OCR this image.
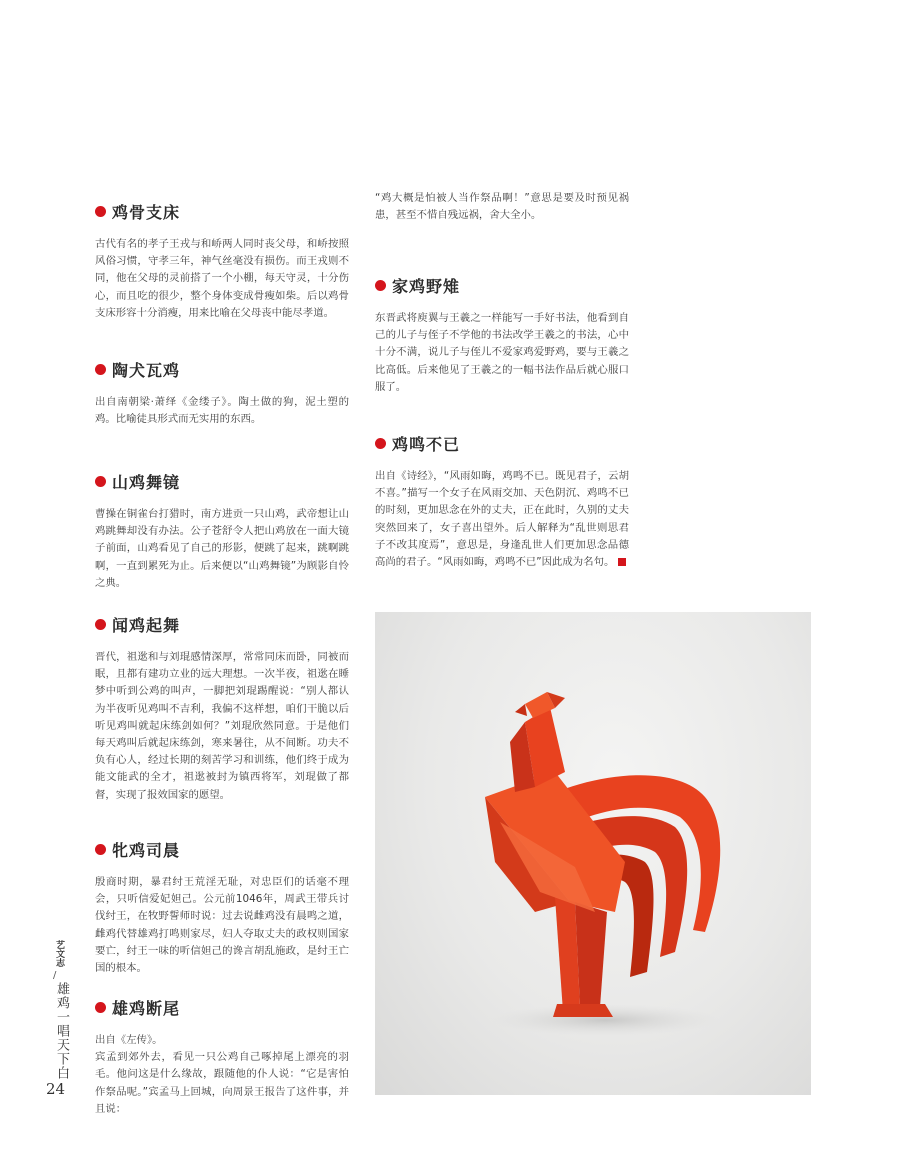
鸡骨支床
古代有名的孝子王戎与和峤两人同时丧父母，和峤按照风俗习惯，守孝三年，神气丝毫没有损伤。而王戎则不同，他在父母的灵前搭了一个小棚，每天守灵，十分伤心，而且吃的很少，整个身体变成骨瘦如柴。后以鸡骨支床形容十分消瘦，用来比喻在父母丧中能尽孝道。
陶犬瓦鸡
出自南朝梁·萧绎《金缕子》。陶土做的狗，泥土塑的鸡。比喻徒具形式而无实用的东西。
山鸡舞镜
曹操在铜雀台打猎时，南方进贡一只山鸡，武帝想让山鸡跳舞却没有办法。公子苍舒令人把山鸡放在一面大镜子前面，山鸡看见了自己的形影，便跳了起来，跳啊跳啊，一直到累死为止。后来便以“山鸡舞镜”为顾影自怜之典。
闻鸡起舞
晋代，祖逖和与刘琨感情深厚，常常同床而卧，同被而眠，且都有建功立业的远大理想。一次半夜，祖逖在睡梦中听到公鸡的叫声，一脚把刘琨踢醒说：“别人都认为半夜听见鸡叫不吉利，我偏不这样想，咱们干脆以后听见鸡叫就起床练剑如何？”刘琨欣然同意。于是他们每天鸡叫后就起床练剑，寒来暑往，从不间断。功夫不负有心人，经过长期的刻苦学习和训练，他们终于成为能文能武的全才，祖逖被封为镇西将军，刘琨做了都督，实现了报效国家的愿望。
牝鸡司晨
殷商时期，暴君纣王荒淫无耻，对忠臣们的话毫不理会，只听信爱妃妲己。公元前1046年，周武王带兵讨伐纣王，在牧野誓师时说：过去说雌鸡没有晨鸣之道，雌鸡代替雄鸡打鸣则家尽，妇人夺取丈夫的政权则国家要亡，纣王一味的听信妲己的谗言胡乱施政，是纣王亡国的根本。
雄鸡断尾
出自《左传》。
宾孟到郊外去，看见一只公鸡自己啄掉尾上漂亮的羽毛。他问这是什么缘故，跟随他的仆人说：“它是害怕作祭品呢。”宾孟马上回城，向周景王报告了这件事，并且说：
“鸡大概是怕被人当作祭品啊！”意思是要及时预见祸患，甚至不惜自残远祸，舍大全小。
家鸡野雉
东晋武将庾翼与王羲之一样能写一手好书法，他看到自己的儿子与侄子不学他的书法改学王羲之的书法，心中十分不满，说儿子与侄儿不爱家鸡爱野鸡，要与王羲之比高低。后来他见了王羲之的一幅书法作品后就心服口服了。
鸡鸣不已
出自《诗经》，“风雨如晦，鸡鸣不已。既见君子，云胡不喜。”描写一个女子在风雨交加、天色阴沉、鸡鸣不已的时刻，更加思念在外的丈夫，正在此时，久别的丈夫突然回来了，女子喜出望外。后人解释为“乱世则思君子不改其度焉”，意思是，身逢乱世人们更加思念品德高尚的君子。“风雨如晦，鸡鸣不已”因此成为名句。
艺文志
/
雄鸡一唱天下白
24
